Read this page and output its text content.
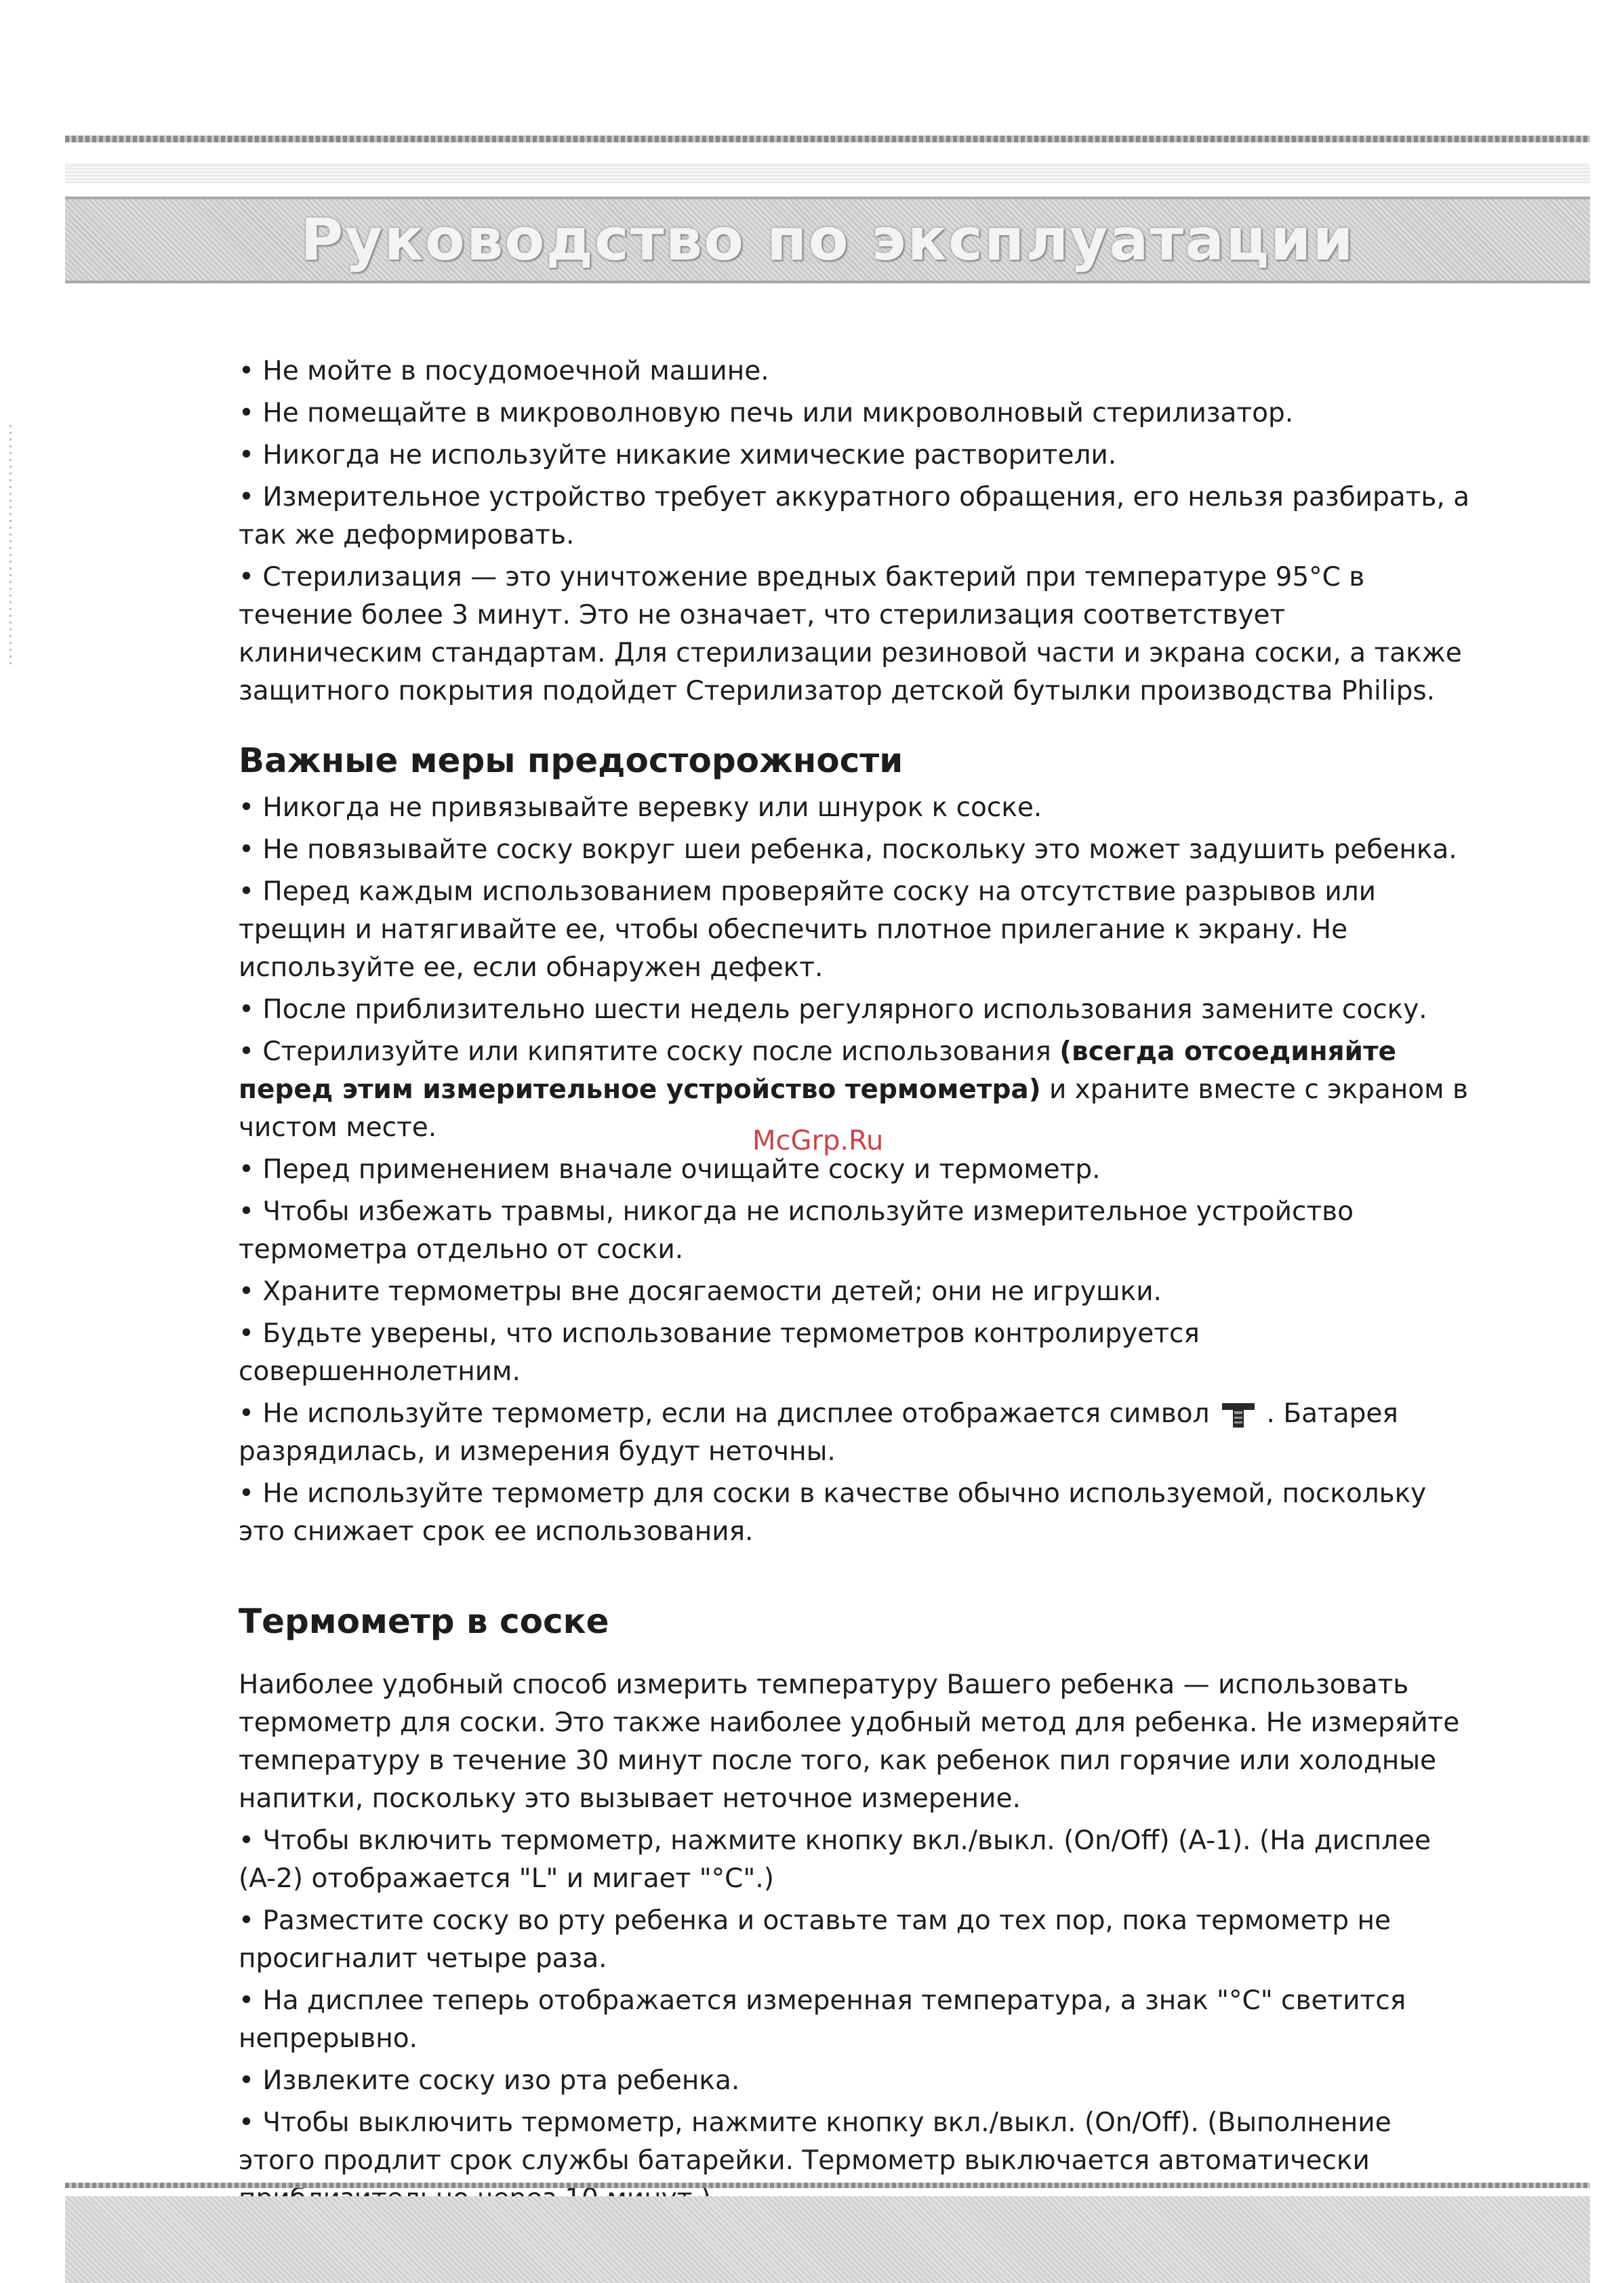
Руководство по эксплуатации

• Не мойте в посудомоечной машине.

• Не помещайте в микроволновую печь или микроволновый стерилизатор.

• Никогда не используйте никакие химические растворители.

• Измерительное устройство требует аккуратного обращения, его нельзя разбирать, а так же деформировать.

• Стерилизация — это уничтожение вредных бактерий при температуре 95°C в течение более 3 минут. Это не означает, что стерилизация соответствует клиническим стандартам. Для стерилизации резиновой части и экрана соски, а также защитного покрытия подойдет Стерилизатор детской бутылки производства Philips.

Важные меры предосторожности

• Никогда не привязывайте веревку или шнурок к соске.

• Не повязывайте соску вокруг шеи ребенка, поскольку это может задушить ребенка.

• Перед каждым использованием проверяйте соску на отсутствие разрывов или трещин и натягивайте ее, чтобы обеспечить плотное прилегание к экрану. Не используйте ее, если обнаружен дефект.

• После приблизительно шести недель регулярного использования замените соску.

• Стерилизуйте или кипятите соску после использования (всегда отсоединяйте перед этим измерительное устройство термометра) и храните вместе с экраном в чистом месте.

• Перед применением вначале очищайте соску и термометр.

• Чтобы избежать травмы, никогда не используйте измерительное устройство термометра отдельно от соски.

• Храните термометры вне досягаемости детей; они не игрушки.

• Будьте уверены, что использование термометров контролируется совершеннолетним.

• Не используйте термометр, если на дисплее отображается символ . Батарея разрядилась, и измерения будут неточны.

• Не используйте термометр для соски в качестве обычно используемой, поскольку это снижает срок ее использования.

Термометр в соске

Наиболее удобный способ измерить температуру Вашего ребенка — использовать термометр для соски. Это также наиболее удобный метод для ребенка. Не измеряйте температуру в течение 30 минут после того, как ребенок пил горячие или холодные напитки, поскольку это вызывает неточное измерение.

• Чтобы включить термометр, нажмите кнопку вкл./выкл. (On/Off) (A-1). (На дисплее (A-2) отображается "L" и мигает "°C".)

• Разместите соску во рту ребенка и оставьте там до тех пор, пока термометр не просигналит четыре раза.

• На дисплее теперь отображается измеренная температура, а знак "°C" светится непрерывно.

• Извлеките соску изо рта ребенка.

• Чтобы выключить термометр, нажмите кнопку вкл./выкл. (On/Off). (Выполнение этого продлит срок службы батарейки. Термометр выключается автоматически

McGrp.Ru
